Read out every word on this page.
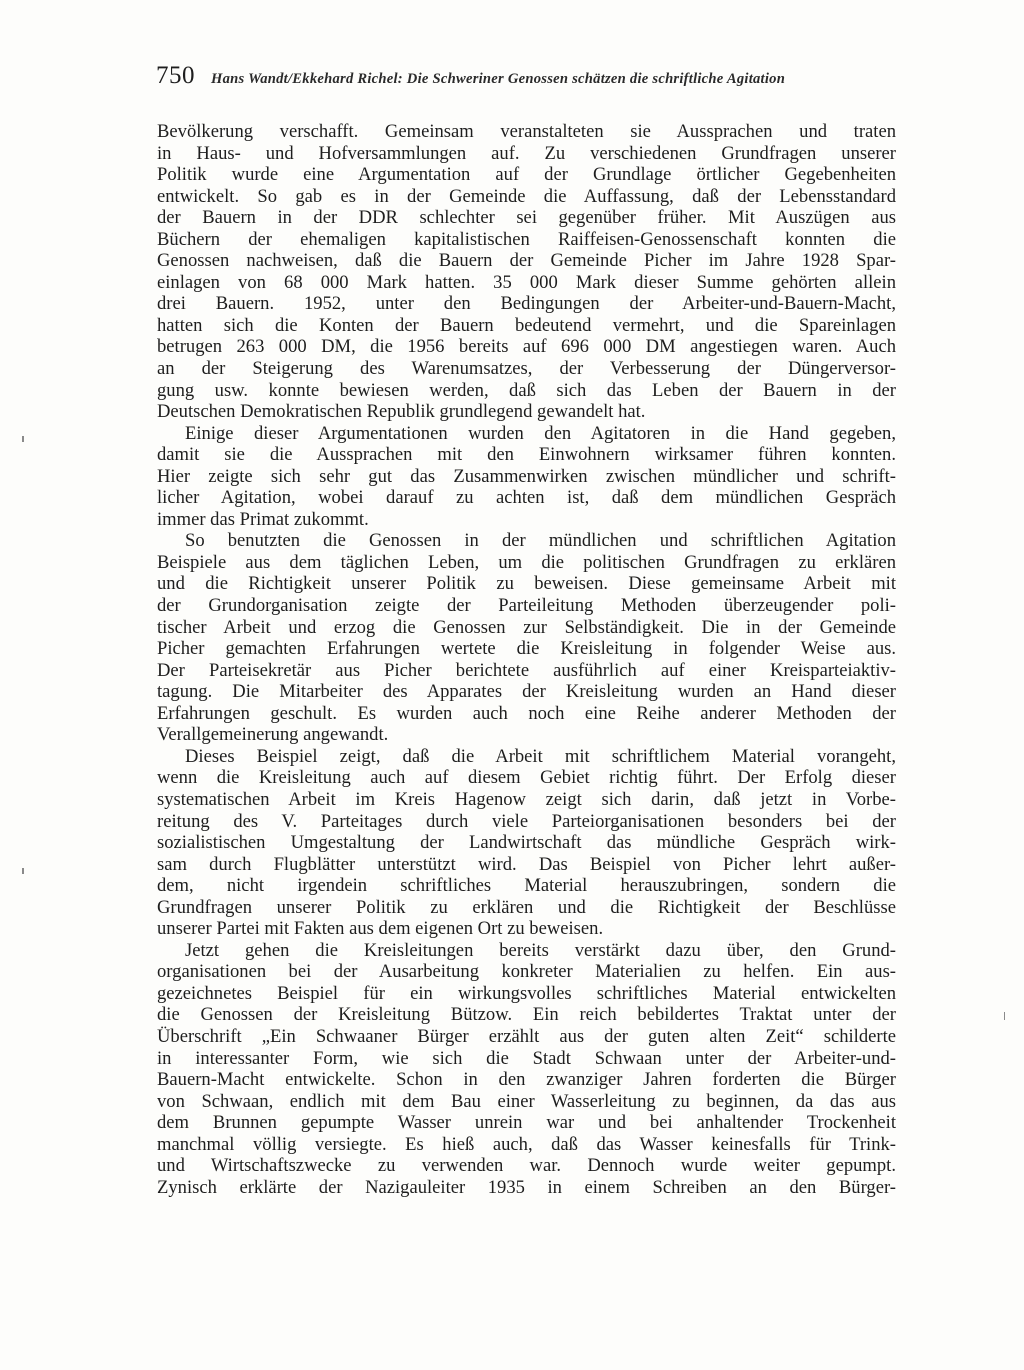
750 Hans Wandt/Ekkehard Richel: Die Schweriner Genossen schätzen die schriftliche Agitation

Bevölkerung verschafft. Gemeinsam veranstalteten sie Aussprachen und traten
in Haus- und Hofversammlungen auf. Zu verschiedenen Grundfragen unserer
Politik wurde eine Argumentation auf der Grundlage örtlicher Gegebenheiten
entwickelt. So gab es in der Gemeinde die Auffassung, daß der Lebensstandard
der Bauern in der DDR schlechter sei gegenüber früher. Mit Auszügen aus
Büchern der ehemaligen kapitalistischen Raiffeisen-Genossenschaft konnten die
Genossen nachweisen, daß die Bauern der Gemeinde Picher im Jahre 1928 Spar-
einlagen von 68 000 Mark hatten. 35 000 Mark dieser Summe gehörten allein
drei Bauern. 1952, unter den Bedingungen der Arbeiter-und-Bauern-Macht,
hatten sich die Konten der Bauern bedeutend vermehrt, und die Spareinlagen
betrugen 263 000 DM, die 1956 bereits auf 696 000 DM angestiegen waren. Auch
an der Steigerung des Warenumsatzes, der Verbesserung der Düngerversor-
gung usw. konnte bewiesen werden, daß sich das Leben der Bauern in der
Deutschen Demokratischen Republik grundlegend gewandelt hat.

Einige dieser Argumentationen wurden den Agitatoren in die Hand gegeben,
damit sie die Aussprachen mit den Einwohnern wirksamer führen konnten.
Hier zeigte sich sehr gut das Zusammenwirken zwischen mündlicher und schrift-
licher Agitation, wobei darauf zu achten ist, daß dem mündlichen Gespräch
immer das Primat zukommt.

So benutzten die Genossen in der mündlichen und schriftlichen Agitation
Beispiele aus dem täglichen Leben, um die politischen Grundfragen zu erklären
und die Richtigkeit unserer Politik zu beweisen. Diese gemeinsame Arbeit mit
der Grundorganisation zeigte der Parteileitung Methoden überzeugender poli-
tischer Arbeit und erzog die Genossen zur Selbständigkeit. Die in der Gemeinde
Picher gemachten Erfahrungen wertete die Kreisleitung in folgender Weise aus.
Der Parteisekretär aus Picher berichtete ausführlich auf einer Kreisparteiaktiv-
tagung. Die Mitarbeiter des Apparates der Kreisleitung wurden an Hand dieser
Erfahrungen geschult. Es wurden auch noch eine Reihe anderer Methoden der
Verallgemeinerung angewandt.

Dieses Beispiel zeigt, daß die Arbeit mit schriftlichem Material vorangeht,
wenn die Kreisleitung auch auf diesem Gebiet richtig führt. Der Erfolg dieser
systematischen Arbeit im Kreis Hagenow zeigt sich darin, daß jetzt in Vorbe-
reitung des V. Parteitages durch viele Parteiorganisationen besonders bei der
sozialistischen Umgestaltung der Landwirtschaft das mündliche Gespräch wirk-
sam durch Flugblätter unterstützt wird. Das Beispiel von Picher lehrt außer-
dem, nicht irgendein schriftliches Material herauszubringen, sondern die
Grundfragen unserer Politik zu erklären und die Richtigkeit der Beschlüsse
unserer Partei mit Fakten aus dem eigenen Ort zu beweisen.

Jetzt gehen die Kreisleitungen bereits verstärkt dazu über, den Grund-
organisationen bei der Ausarbeitung konkreter Materialien zu helfen. Ein aus-
gezeichnetes Beispiel für ein wirkungsvolles schriftliches Material entwickelten
die Genossen der Kreisleitung Bützow. Ein reich bebildertes Traktat unter der
Überschrift „Ein Schwaaner Bürger erzählt aus der guten alten Zeit“ schilderte
in interessanter Form, wie sich die Stadt Schwaan unter der Arbeiter-und-
Bauern-Macht entwickelte. Schon in den zwanziger Jahren forderten die Bürger
von Schwaan, endlich mit dem Bau einer Wasserleitung zu beginnen, da das aus
dem Brunnen gepumpte Wasser unrein war und bei anhaltender Trockenheit
manchmal völlig versiegte. Es hieß auch, daß das Wasser keinesfalls für Trink-
und Wirtschaftszwecke zu verwenden war. Dennoch wurde weiter gepumpt.
Zynisch erklärte der Nazigauleiter 1935 in einem Schreiben an den Bürger-
